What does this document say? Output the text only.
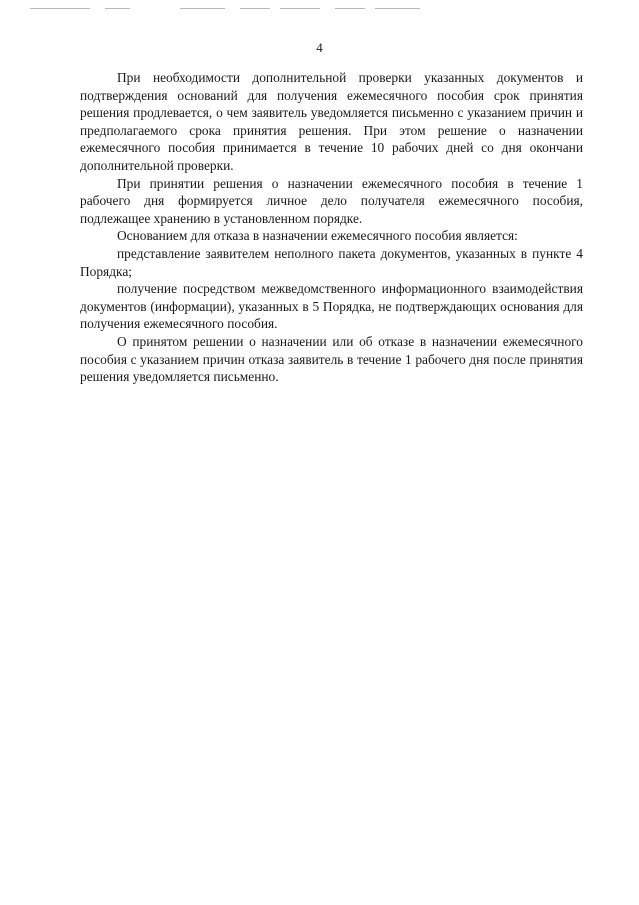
4

При необходимости дополнительной проверки указанных документов и подтверждения оснований для получения ежемесячного пособия срок принятия решения продлевается, о чем заявитель уведомляется письменно с указанием причин и предполагаемого срока принятия решения. При этом решение о назначении ежемесячного пособия принимается в течение 10 рабочих дней со дня окончани дополнительной проверки.

При принятии решения о назначении ежемесячного пособия в течение 1 рабочего дня формируется личное дело получателя ежемесячного пособия, подлежащее хранению в установленном порядке.

Основанием для отказа в назначении ежемесячного пособия является:

представление заявителем неполного пакета документов, указанных в пункте 4 Порядка;

получение посредством межведомственного информационного взаимодействия документов (информации), указанных в 5 Порядка, не подтверждающих основания для получения ежемесячного пособия.

О принятом решении о назначении или об отказе в назначении ежемесячного пособия с указанием причин отказа заявитель в течение 1 рабочего дня после принятия решения уведомляется письменно.
